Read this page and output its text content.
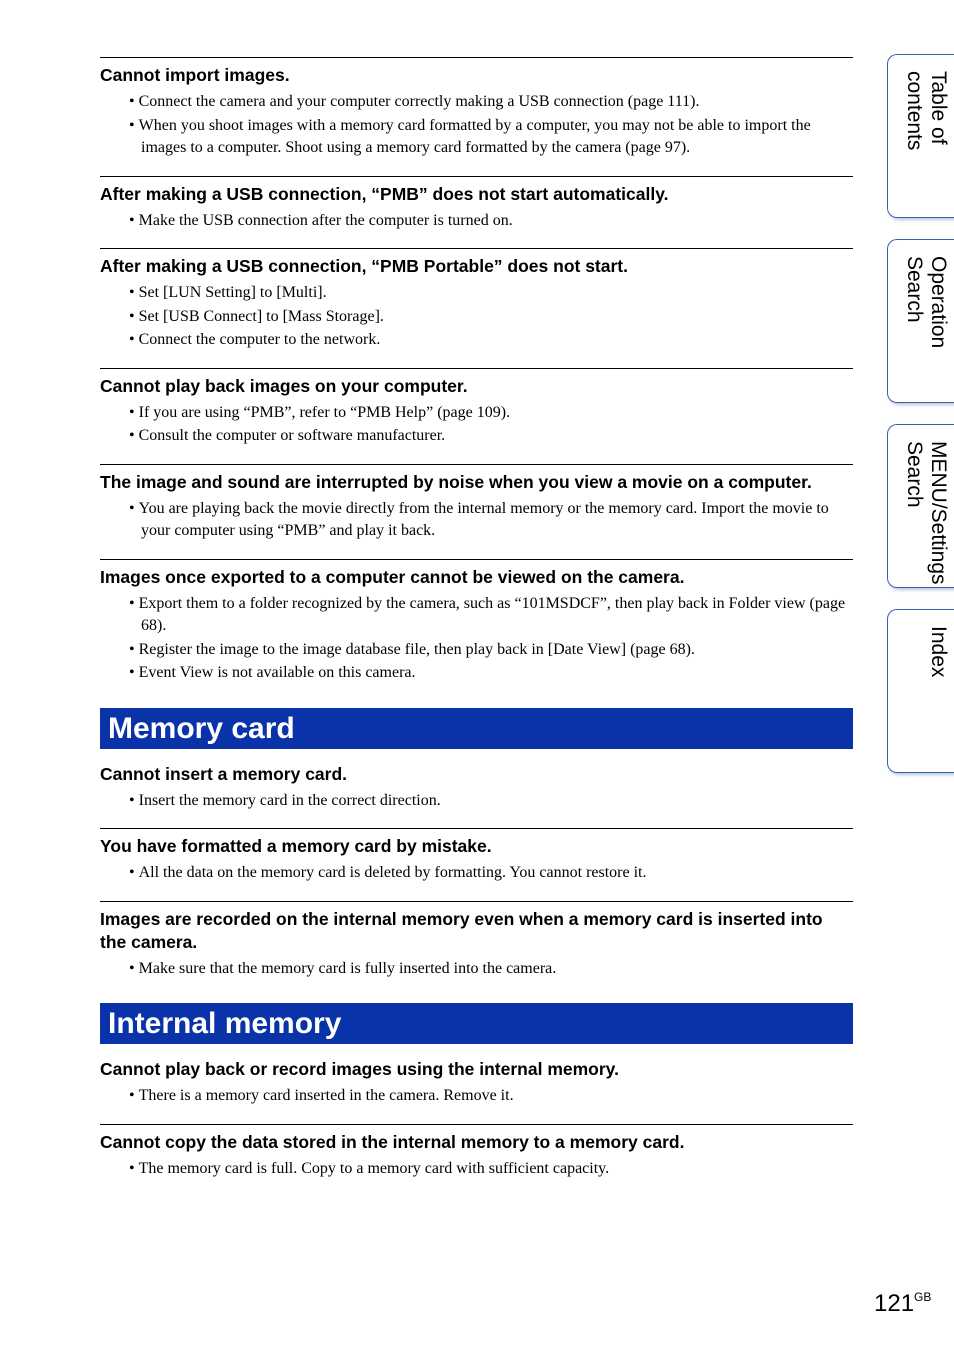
Cannot import images.
• Connect the camera and your computer correctly making a USB connection (page 111).
• When you shoot images with a memory card formatted by a computer, you may not be able to import the images to a computer. Shoot using a memory card formatted by the camera (page 97).
After making a USB connection, “PMB” does not start automatically.
• Make the USB connection after the computer is turned on.
After making a USB connection, “PMB Portable” does not start.
• Set [LUN Setting] to [Multi].
• Set [USB Connect] to [Mass Storage].
• Connect the computer to the network.
Cannot play back images on your computer.
• If you are using “PMB”, refer to “PMB Help” (page 109).
• Consult the computer or software manufacturer.
The image and sound are interrupted by noise when you view a movie on a computer.
• You are playing back the movie directly from the internal memory or the memory card. Import the movie to your computer using “PMB” and play it back.
Images once exported to a computer cannot be viewed on the camera.
• Export them to a folder recognized by the camera, such as “101MSDCF”, then play back in Folder view (page 68).
• Register the image to the image database file, then play back in [Date View] (page 68).
• Event View is not available on this camera.
Memory card
Cannot insert a memory card.
• Insert the memory card in the correct direction.
You have formatted a memory card by mistake.
• All the data on the memory card is deleted by formatting. You cannot restore it.
Images are recorded on the internal memory even when a memory card is inserted into the camera.
• Make sure that the memory card is fully inserted into the camera.
Internal memory
Cannot play back or record images using the internal memory.
• There is a memory card inserted in the camera. Remove it.
Cannot copy the data stored in the internal memory to a memory card.
• The memory card is full. Copy to a memory card with sufficient capacity.
Table of
contents
Operation
Search
MENU/Settings
Search
Index
$121^{GB}$
